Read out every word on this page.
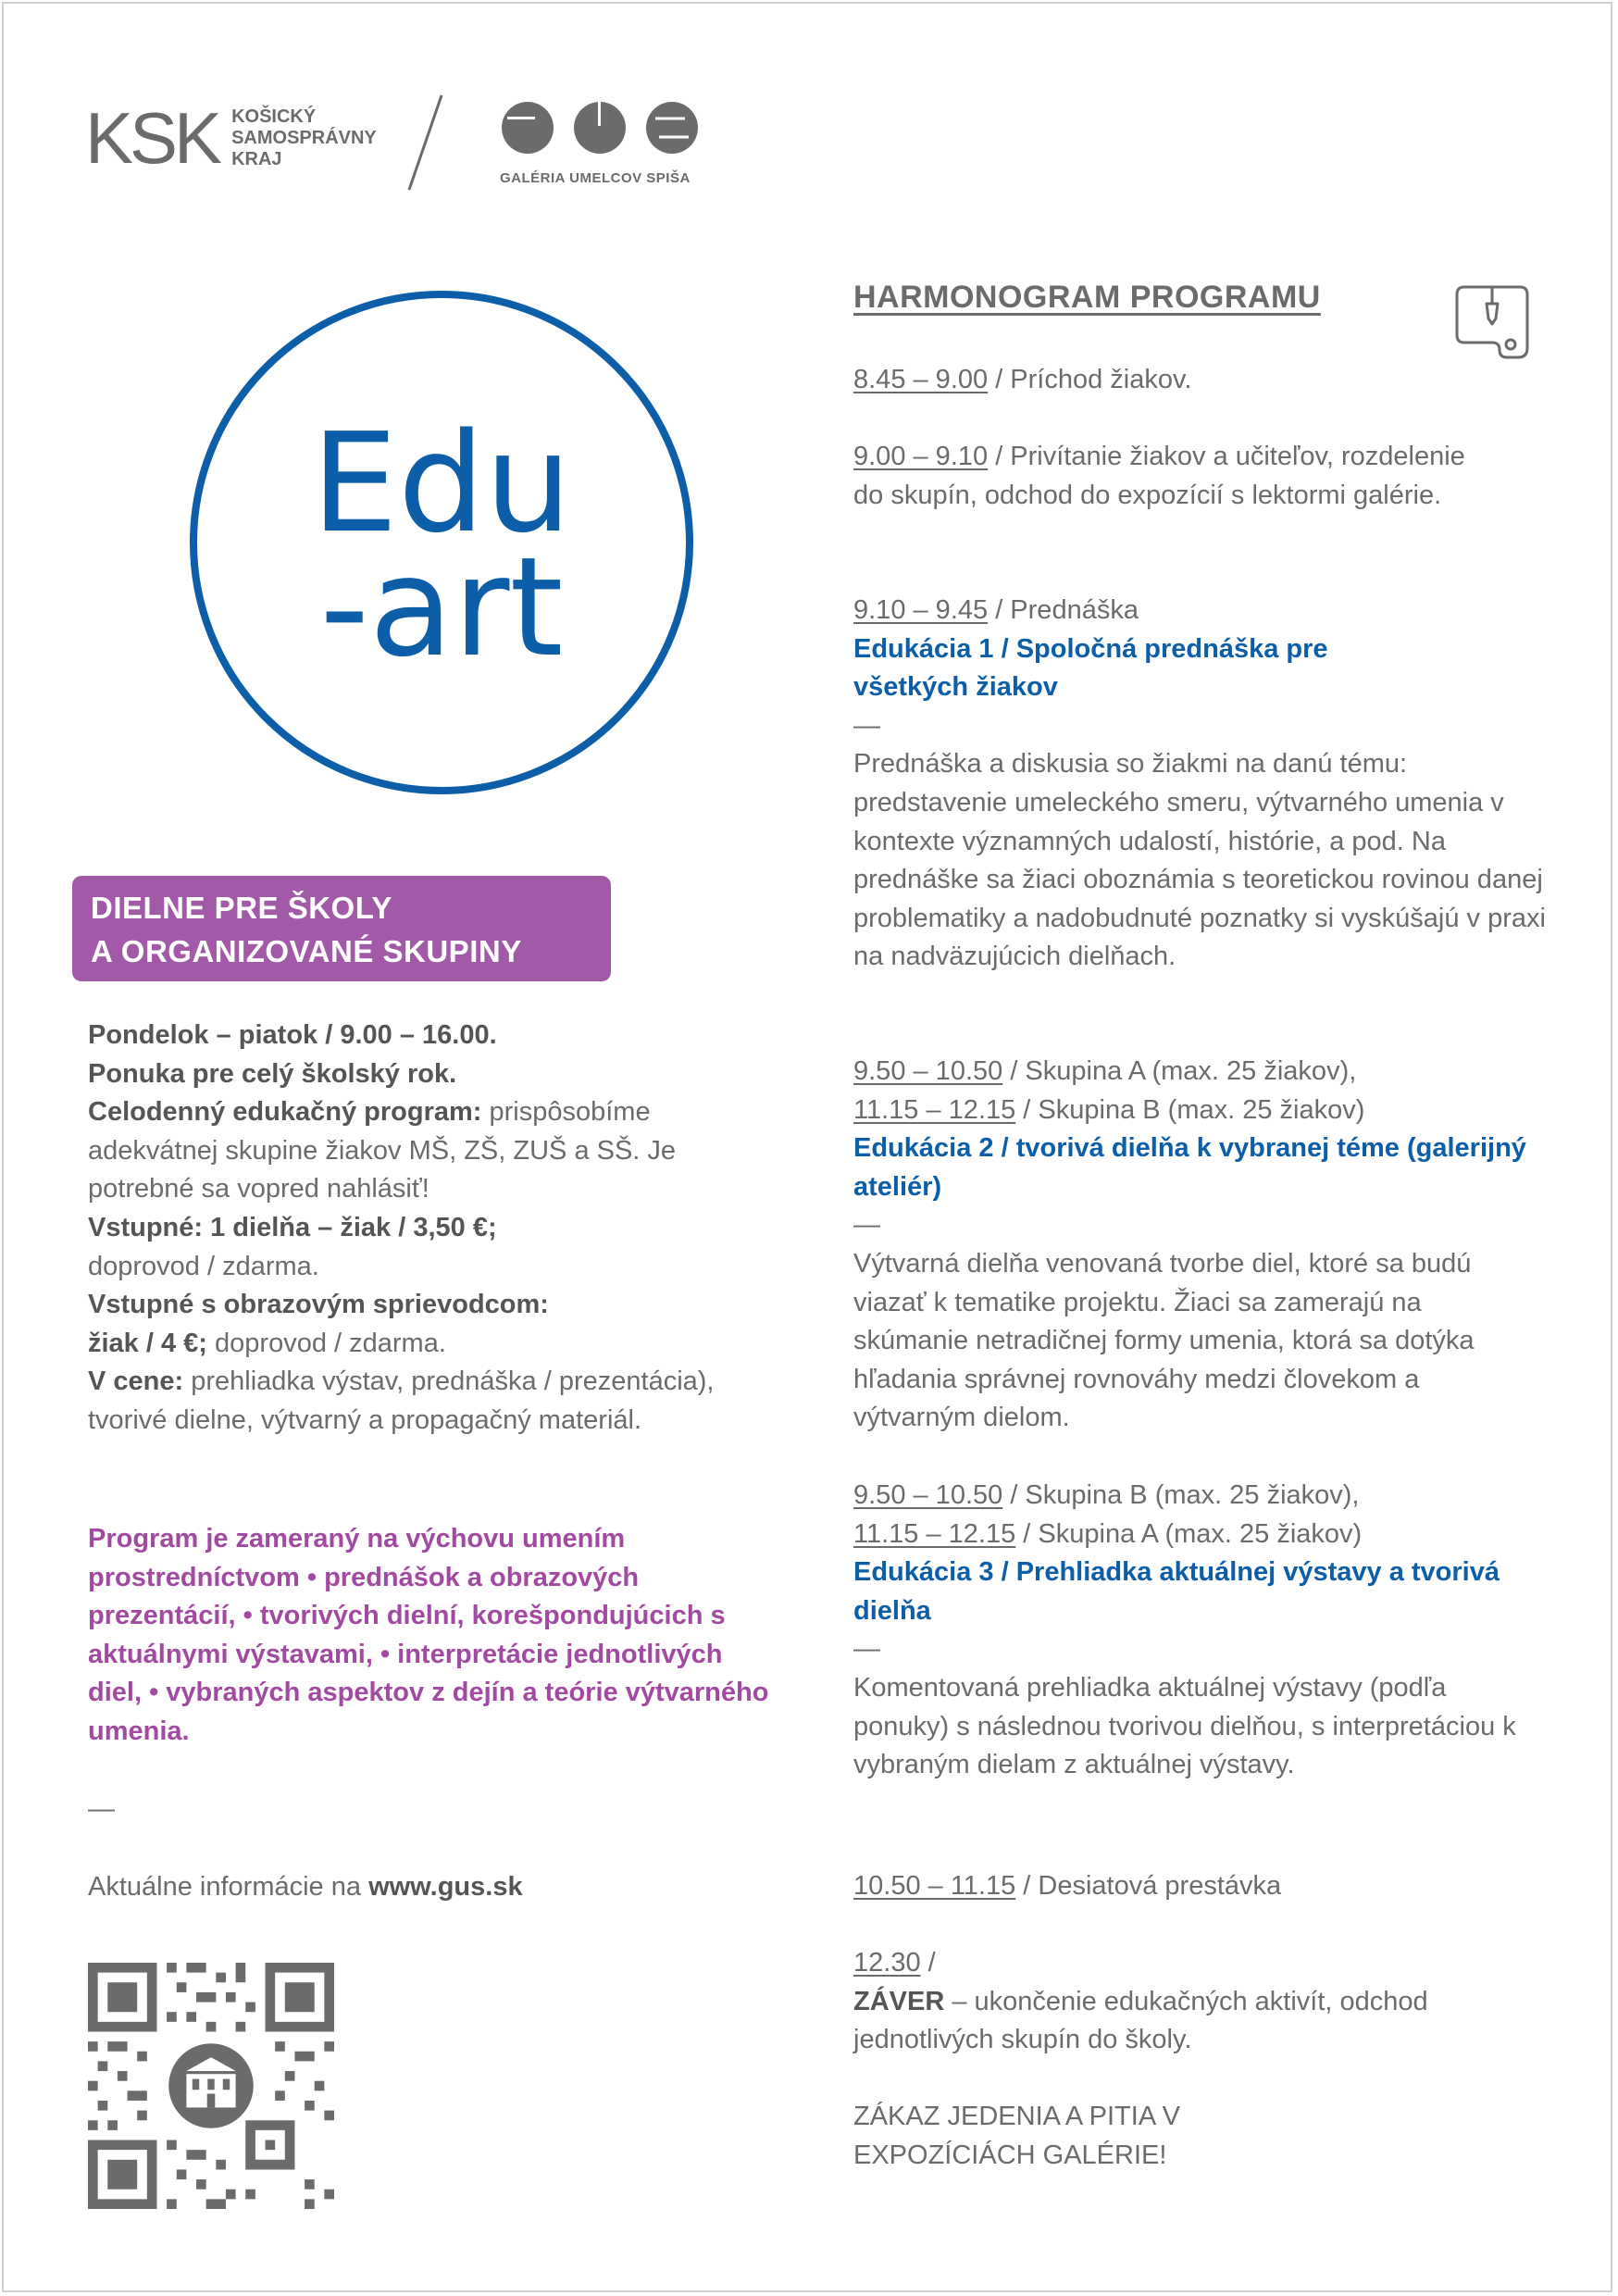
KSK KOŠICKÝ
SAMOSPRÁVNY
KRAJ
GALÉRIA UMELCOV SPIŠA
Edu
-art
DIELNE PRE ŠKOLY
A ORGANIZOVANÉ SKUPINY
Pondelok – piatok / 9.00 – 16.00.
Ponuka pre celý školský rok.
Celodenný edukačný program: prispôsobíme adekvátnej skupine žiakov MŠ, ZŠ, ZUŠ a SŠ. Je potrebné sa vopred nahlásiť!
Vstupné: 1 dielňa – žiak / 3,50 €; doprovod / zdarma.
Vstupné s obrazovým sprievodcom: žiak / 4 €; doprovod / zdarma.
V cene: prehliadka výstav, prednáška / prezentácia), tvorivé dielne, výtvarný a propagačný materiál.
Program je zameraný na výchovu umením prostredníctvom • prednášok a obrazových prezentácií, • tvorivých dielní, korešpondujúcich s aktuálnymi výstavami, • interpretácie jednotlivých diel, • vybraných aspektov z dejín a teórie výtvarného umenia.
—
Aktuálne informácie na www.gus.sk
HARMONOGRAM PROGRAMU
8.45 – 9.00 / Príchod žiakov.
9.00 – 9.10 / Privítanie žiakov a učiteľov, rozdelenie do skupín, odchod do expozícií s lektormi galérie.
9.10 – 9.45 / Prednáška
Edukácia 1 / Spoločná prednáška pre všetkých žiakov
—
Prednáška a diskusia so žiakmi na danú tému: predstavenie umeleckého smeru, výtvarného umenia v kontexte významných udalostí, histórie, a pod. Na prednáške sa žiaci oboznámia s teoretickou rovinou danej problematiky a nadobudnuté poznatky si vyskúšajú v praxi na nadväzujúcich dielňach.
9.50 – 10.50 / Skupina A (max. 25 žiakov),
11.15 – 12.15 / Skupina B (max. 25 žiakov)
Edukácia 2 / tvorivá dielňa k vybranej téme (galerijný ateliér)
—
Výtvarná dielňa venovaná tvorbe diel, ktoré sa budú viazať k tematike projektu. Žiaci sa zamerajú na skúmanie netradičnej formy umenia, ktorá sa dotýka hľadania správnej rovnováhy medzi človekom a výtvarným dielom.
9.50 – 10.50 / Skupina B (max. 25 žiakov),
11.15 – 12.15 / Skupina A (max. 25 žiakov)
Edukácia 3 / Prehliadka aktuálnej výstavy a tvorivá dielňa
—
Komentovaná prehliadka aktuálnej výstavy (podľa ponuky) s následnou tvorivou dielňou, s interpretáciou k vybraným dielam z aktuálnej výstavy.
10.50 – 11.15 / Desiatová prestávka
12.30 /
ZÁVER – ukončenie edukačných aktivít, odchod jednotlivých skupín do školy.
ZÁKAZ JEDENIA A PITIA V EXPOZÍCIÁCH GALÉRIE!
